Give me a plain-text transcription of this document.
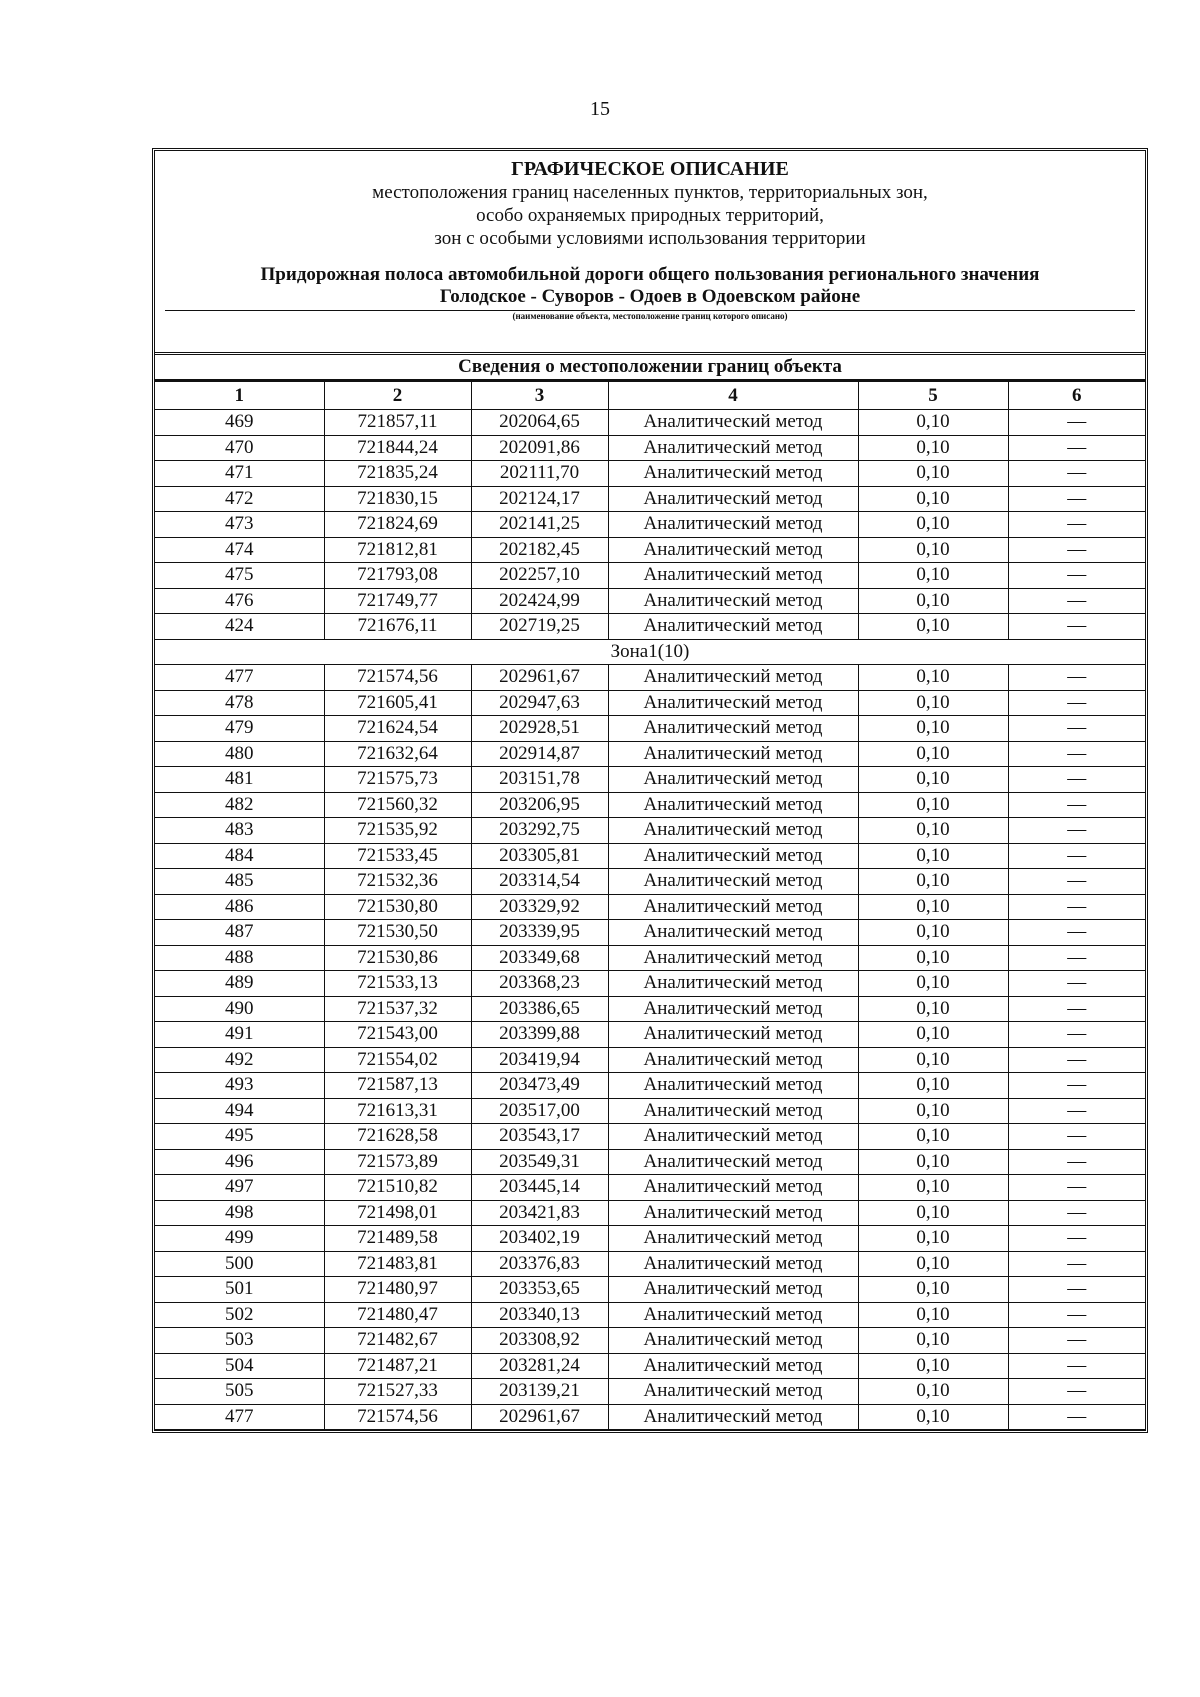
15
ГРАФИЧЕСКОЕ ОПИСАНИЕ
местоположения границ населенных пунктов, территориальных зон,
особо охраняемых природных территорий,
зон с особыми условиями использования территории
Придорожная полоса автомобильной дороги общего пользования регионального значения
Голодское - Суворов - Одоев в Одоевском районе
(наименование объекта, местоположение границ которого описано)
Сведения о местоположении границ объекта
1	2	3	4	5	6
469	721857,11	202064,65	Аналитический метод	0,10	—
470	721844,24	202091,86	Аналитический метод	0,10	—
471	721835,24	202111,70	Аналитический метод	0,10	—
472	721830,15	202124,17	Аналитический метод	0,10	—
473	721824,69	202141,25	Аналитический метод	0,10	—
474	721812,81	202182,45	Аналитический метод	0,10	—
475	721793,08	202257,10	Аналитический метод	0,10	—
476	721749,77	202424,99	Аналитический метод	0,10	—
424	721676,11	202719,25	Аналитический метод	0,10	—
Зона1(10)					
477	721574,56	202961,67	Аналитический метод	0,10	—
478	721605,41	202947,63	Аналитический метод	0,10	—
479	721624,54	202928,51	Аналитический метод	0,10	—
480	721632,64	202914,87	Аналитический метод	0,10	—
481	721575,73	203151,78	Аналитический метод	0,10	—
482	721560,32	203206,95	Аналитический метод	0,10	—
483	721535,92	203292,75	Аналитический метод	0,10	—
484	721533,45	203305,81	Аналитический метод	0,10	—
485	721532,36	203314,54	Аналитический метод	0,10	—
486	721530,80	203329,92	Аналитический метод	0,10	—
487	721530,50	203339,95	Аналитический метод	0,10	—
488	721530,86	203349,68	Аналитический метод	0,10	—
489	721533,13	203368,23	Аналитический метод	0,10	—
490	721537,32	203386,65	Аналитический метод	0,10	—
491	721543,00	203399,88	Аналитический метод	0,10	—
492	721554,02	203419,94	Аналитический метод	0,10	—
493	721587,13	203473,49	Аналитический метод	0,10	—
494	721613,31	203517,00	Аналитический метод	0,10	—
495	721628,58	203543,17	Аналитический метод	0,10	—
496	721573,89	203549,31	Аналитический метод	0,10	—
497	721510,82	203445,14	Аналитический метод	0,10	—
498	721498,01	203421,83	Аналитический метод	0,10	—
499	721489,58	203402,19	Аналитический метод	0,10	—
500	721483,81	203376,83	Аналитический метод	0,10	—
501	721480,97	203353,65	Аналитический метод	0,10	—
502	721480,47	203340,13	Аналитический метод	0,10	—
503	721482,67	203308,92	Аналитический метод	0,10	—
504	721487,21	203281,24	Аналитический метод	0,10	—
505	721527,33	203139,21	Аналитический метод	0,10	—
477	721574,56	202961,67	Аналитический метод	0,10	—
